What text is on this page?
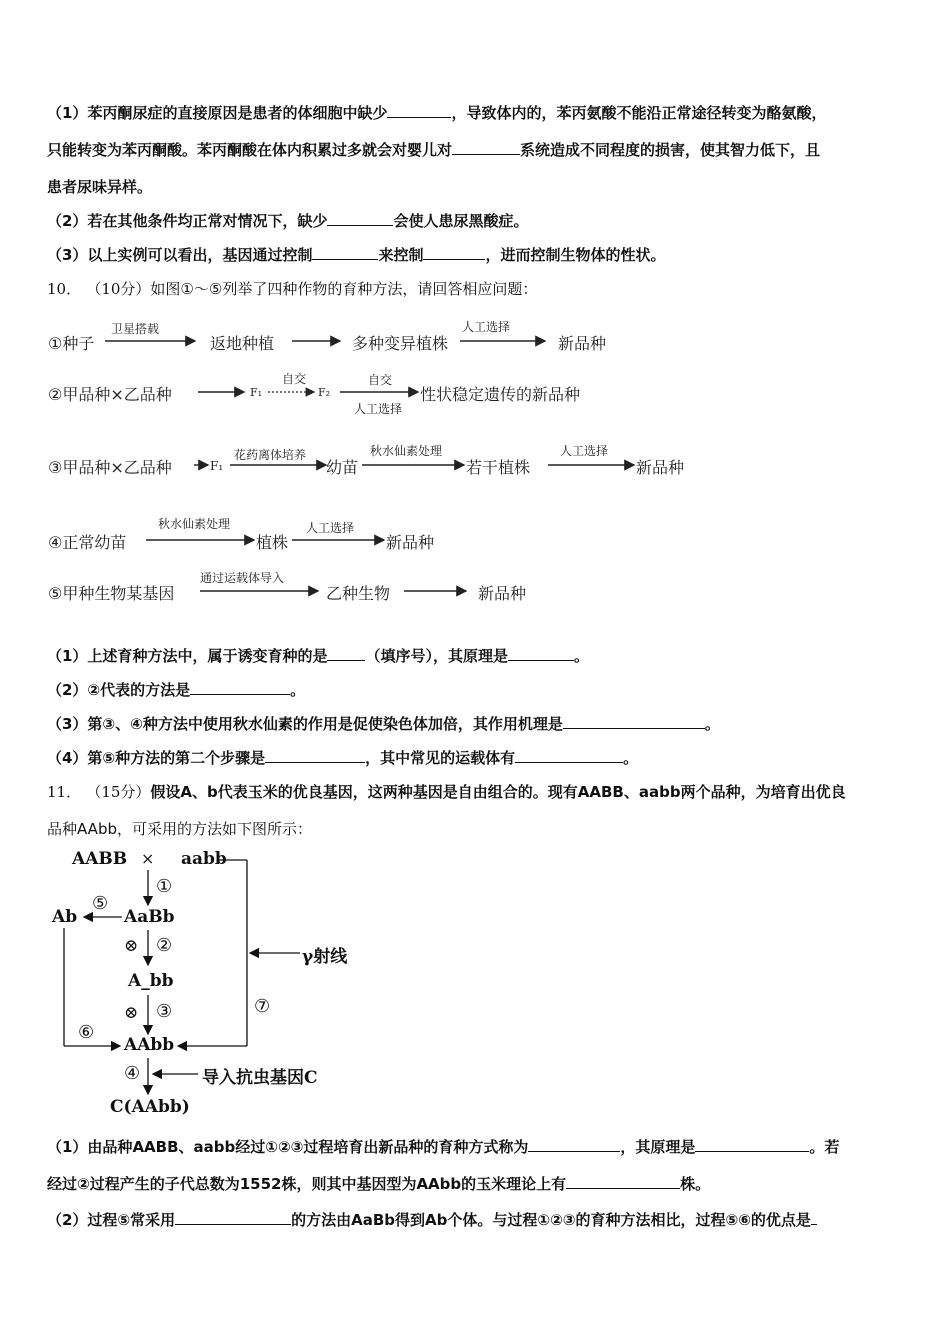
（1）苯丙酮尿症的直接原因是患者的体细胞中缺少	，导致体内的，苯丙氨酸不能沿正常途径转变为酪氨酸，
只能转变为苯丙酮酸。苯丙酮酸在体内积累过多就会对婴儿对	系统造成不同程度的损害，使其智力低下，且
患者尿味异样。
（2）若在其他条件均正常对情况下，缺少	会使人患尿黑酸症。
（3）以上实例可以看出，基因通过控制	来控制	，进而控制生物体的性状。
10． （10分）如图①～⑤列举了四种作物的育种方法，请回答相应问题：
①种子
卫星搭载
返地种植	多种变异植株
人工选择
新品种
②甲品种×乙品种	F₁
自交
F₂
自交
人工选择
性状稳定遗传的新品种
③甲品种×乙品种	F₁
花药离体培养
幼苗
秋水仙素处理
若干植株
人工选择
新品种
④正常幼苗
秋水仙素处理
植株
人工选择
新品种
⑤甲种生物某基因
通过运载体导入
乙种生物	新品种
（1）上述育种方法中，属于诱变育种的是	（填序号），其原理是	。
（2）②代表的方法是	。
（3）第③、④种方法中使用秋水仙素的作用是促使染色体加倍，其作用机理是	。
（4）第⑤种方法的第二个步骤是	，其中常见的运载体有	。
11． （15分）假设A、b代表玉米的优良基因，这两种基因是自由组合的。现有AABB、aabb两个品种，为培育出优良
品种AAbb，可采用的方法如下图所示：
AABB × aabb
①
AaBb
⑤
Ab
⊗ ②
A_bb
γ射线
⊗ ③	⑦
⑥
AAbb
④	导入抗虫基因C
C(AAbb)
（1）由品种AABB、aabb经过①②③过程培育出新品种的育种方式称为	，其原理是	。若
经过②过程产生的子代总数为1552株，则其中基因型为AAbb的玉米理论上有	株。
（2）过程⑤常采用	的方法由AaBb得到Ab个体。与过程①②③的育种方法相比，过程⑤⑥的优点是
